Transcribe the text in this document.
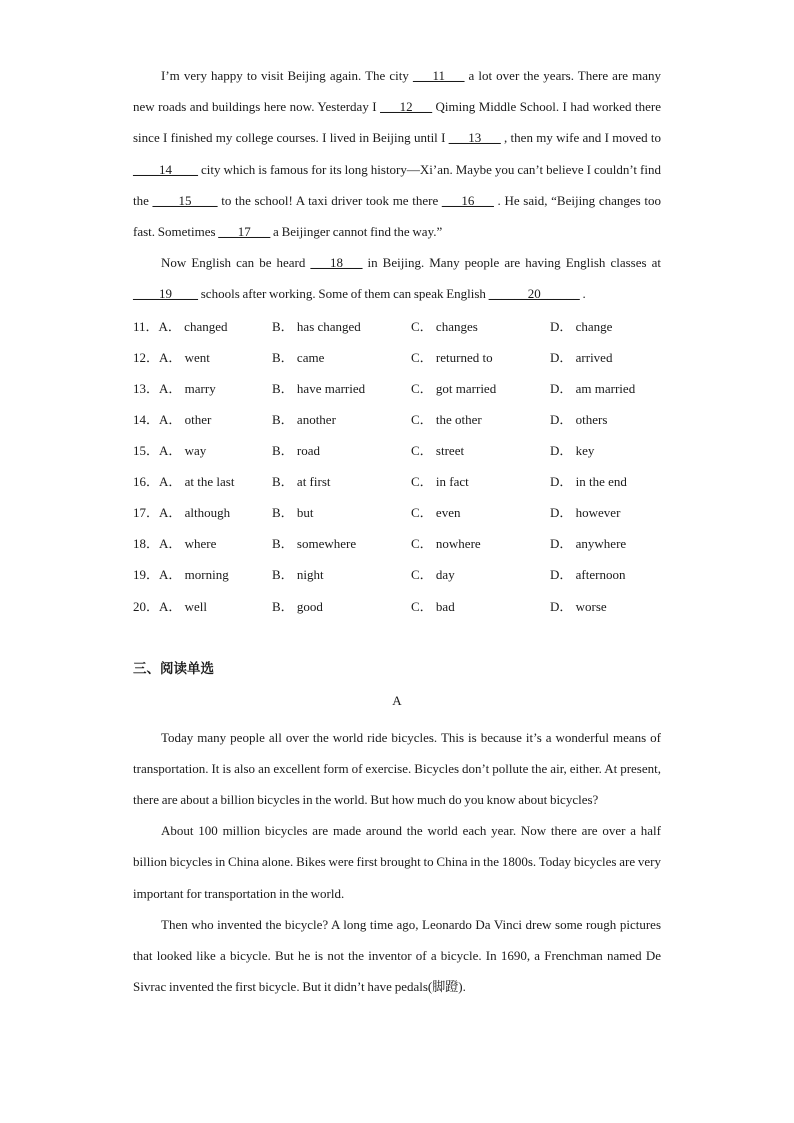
I’m very happy to visit Beijing again. The city ___11___ a lot over the years. There are many new roads and buildings here now. Yesterday I ___12___ Qiming Middle School. I had worked there since I finished my college courses. I lived in Beijing until I ___13___ , then my wife and I moved to ____14____ city which is famous for its long history—Xi’an. Maybe you can’t believe I couldn’t find the ____15____ to the school! A taxi driver took me there ___16___ . He said, “Beijing changes too fast. Sometimes ___17___ a Beijinger cannot find the way.”

Now English can be heard ___18___ in Beijing. Many people are having English classes at ____19____ schools after working. Some of them can speak English ______20______ .

11．A． changed	B． has changed	C． changes	D． change
12．A． went	B． came	C． returned to	D． arrived
13．A． marry	B． have married	C． got married	D． am married
14．A． other	B． another	C． the other	D． others
15．A． way	B． road	C． street	D． key
16．A． at the last	B． at first	C． in fact	D． in the end
17．A． although	B． but	C． even	D． however
18．A． where	B． somewhere	C． nowhere	D． anywhere
19．A． morning	B． night	C． day	D． afternoon
20．A． well	B． good	C． bad	D． worse
三、阅读单选
A

Today many people all over the world ride bicycles. This is because it’s a wonderful means of transportation. It is also an excellent form of exercise. Bicycles don’t pollute the air, either. At present, there are about a billion bicycles in the world. But how much do you know about bicycles?

About 100 million bicycles are made around the world each year. Now there are over a half billion bicycles in China alone. Bikes were first brought to China in the 1800s. Today bicycles are very important for transportation in the world.

Then who invented the bicycle? A long time ago, Leonardo Da Vinci drew some rough pictures that looked like a bicycle. But he is not the inventor of a bicycle. In 1690, a Frenchman named De Sivrac invented the first bicycle. But it didn’t have pedals(脚蹬).
